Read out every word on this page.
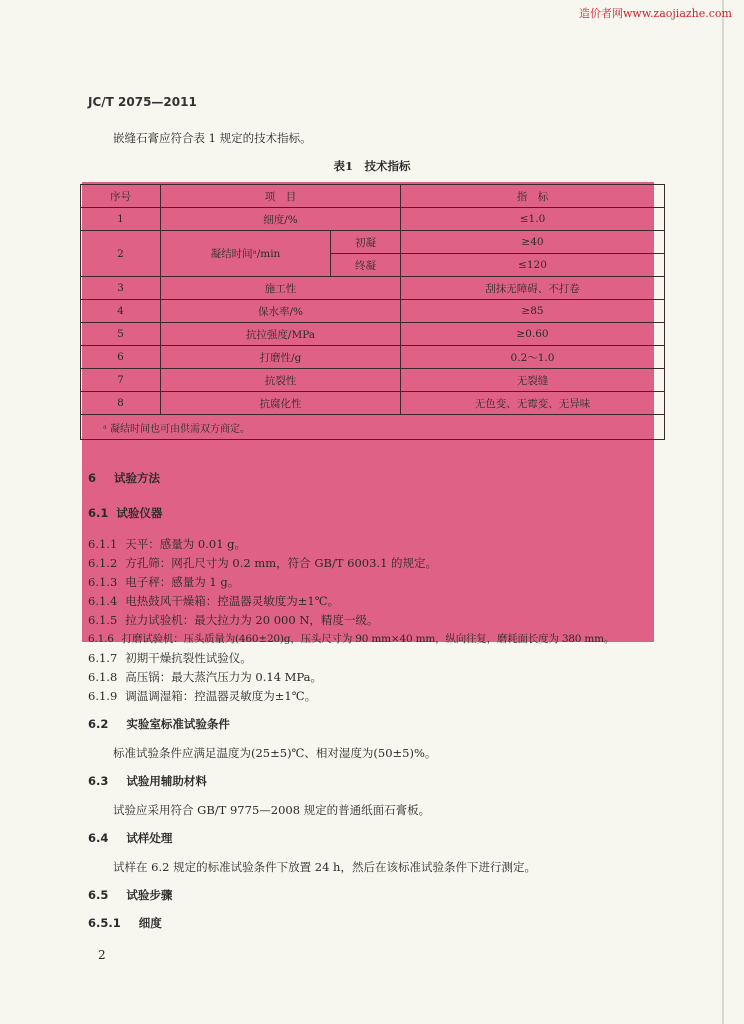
造价者网www.zaojiazhe.com
JC/T 2075—2011
嵌缝石膏应符合表 1 规定的技术指标。
表1　技术指标
序号	项　目		指　标
1	细度/%		≤1.0
2	凝结时间ᵃ/min	初凝	≥40
		终凝	≤120
3	施工性		刮抹无障碍、不打卷
4	保水率/%		≥85
5	抗拉强度/MPa		≥0.60
6	打磨性/g		0.2～1.0
7	抗裂性		无裂缝
8	抗腐化性		无色变、无霉变、无异味
ᵃ 凝结时间也可由供需双方商定。			
6 试验方法
6.1 试验仪器
6.1.1 天平：感量为 0.01 g。
6.1.2 方孔筛：网孔尺寸为 0.2 mm，符合 GB/T 6003.1 的规定。
6.1.3 电子秤：感量为 1 g。
6.1.4 电热鼓风干燥箱：控温器灵敏度为±1℃。
6.1.5 拉力试验机：最大拉力为 20 000 N，精度一级。
6.1.6 打磨试验机：压头质量为(460±20)g，压头尺寸为 90 mm×40 mm，纵向往复，磨耗面长度为 380 mm。
6.1.7 初期干燥抗裂性试验仪。
6.1.8 高压锅：最大蒸汽压力为 0.14 MPa。
6.1.9 调温调湿箱：控温器灵敏度为±1℃。
6.2 实验室标准试验条件
标准试验条件应满足温度为(25±5)℃、相对湿度为(50±5)%。
6.3 试验用辅助材料
试验应采用符合 GB/T 9775—2008 规定的普通纸面石膏板。
6.4 试样处理
试样在 6.2 规定的标准试验条件下放置 24 h，然后在该标准试验条件下进行测定。
6.5 试验步骤
6.5.1 细度
2
